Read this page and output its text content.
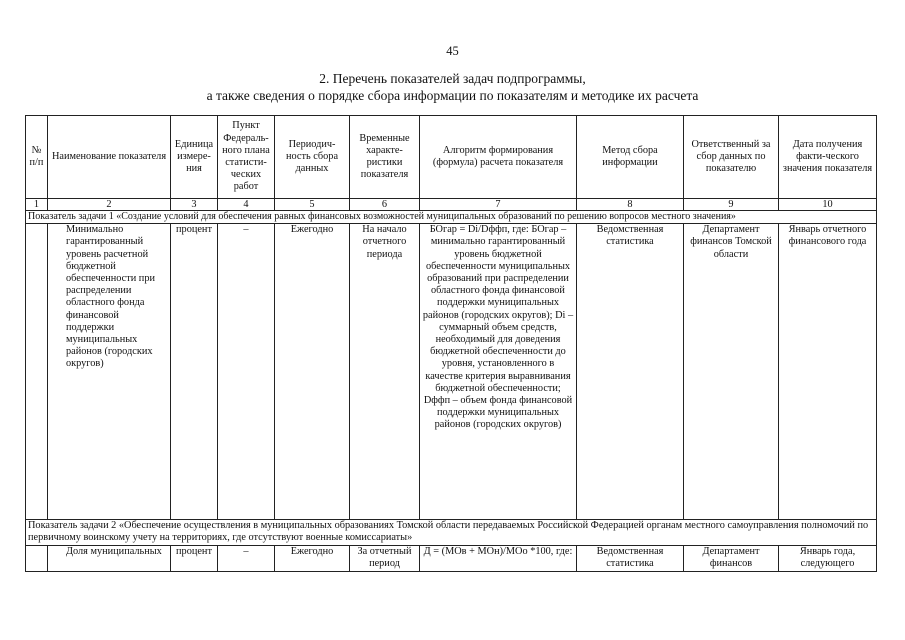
45
2. Перечень показателей задач подпрограммы,
а также сведения о порядке сбора информации по показателям и методике их расчета
№ п/п	Наименование показателя	Единица измере-ния	Пункт Федераль-ного плана статисти-ческих работ	Периодич-ность сбора данных	Временные характе-ристики показателя	Алгоритм формирования (формула) расчета показателя	Метод сбора информации	Ответственный за сбор данных по показателю	Дата получения факти-ческого значения показателя
1	2	3	4	5	6	7	8	9	10
Показатель задачи 1 «Создание условий для обеспечения равных финансовых возможностей муниципальных образований по решению вопросов местного значения»									
	Минимально гарантированный уровень расчетной бюджетной обеспеченности при распределении областного фонда финансовой поддержки муниципальных районов (городских округов)	процент	–	Ежегодно	На начало отчетного периода	БОгар = Di/Dффп, где: БОгар – минимально гарантированный уровень бюджетной обеспеченности муниципальных образований при распределении областного фонда финансовой поддержки муниципальных районов (городских округов); Di – суммарный объем средств, необходимый для доведения бюджетной обеспеченности до уровня, установленного в качестве критерия выравнивания бюджетной обеспеченности; Dффп – объем фонда финансовой поддержки муниципальных районов (городских округов)	Ведомственная статистика	Департамент финансов Томской области	Январь отчетного финансового года
Показатель задачи 2 «Обеспечение осуществления в муниципальных образованиях Томской области передаваемых Российской Федерацией органам местного самоуправления полномочий по первичному воинскому учету на территориях, где отсутствуют военные комиссариаты»									
	Доля муниципальных	процент	–	Ежегодно	За отчетный период	Д = (МОв + МОн)/МОо *100, где:	Ведомственная статистика	Департамент финансов	Январь года, следующего
